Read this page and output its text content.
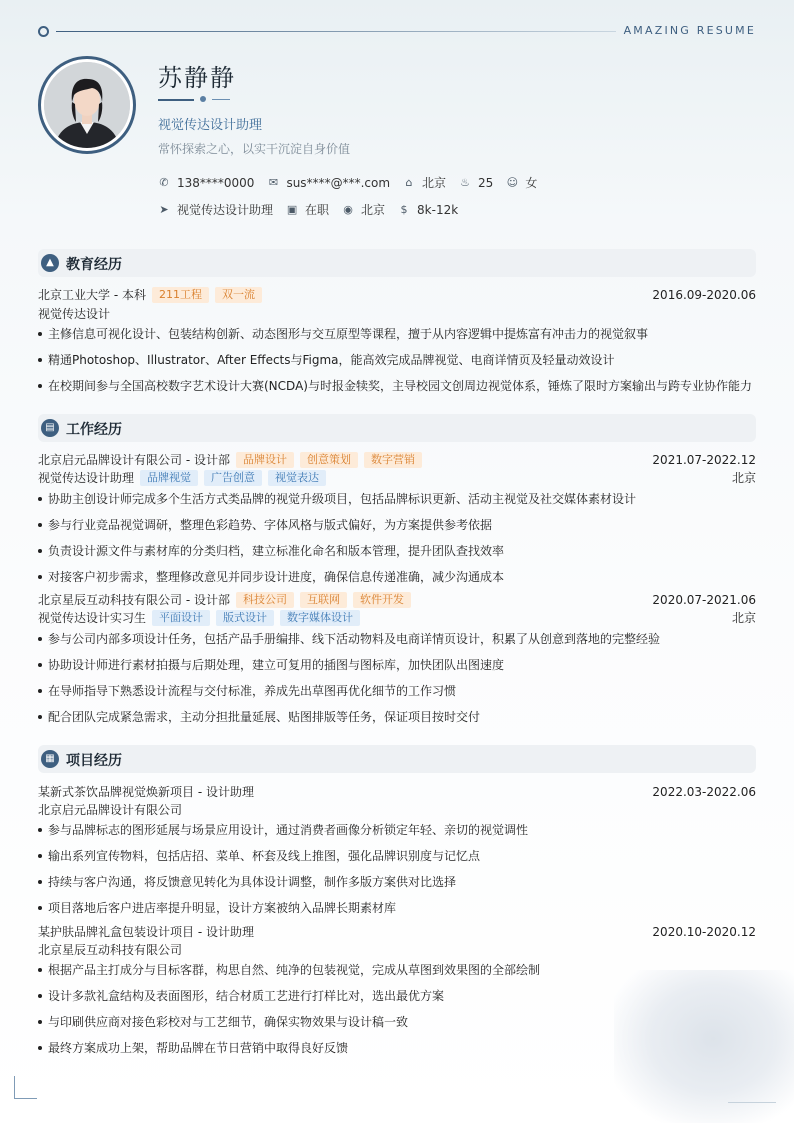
AMAZING RESUME
苏静静
视觉传达设计助理
常怀探索之心，以实干沉淀自身价值
✆ 138****0000 ✉ sus****@***.com ⌂ 北京 ♨ 25 ☺ 女
➤ 视觉传达设计助理 ▣ 在职 ◉ 北京 $ 8k-12k
▲ 教育经历
北京工业大学 - 本科	211工程	双一流	2016.09-2020.06
视觉传达设计
主修信息可视化设计、包装结构创新、动态图形与交互原型等课程，擅于从内容逻辑中提炼富有冲击力的视觉叙事
精通Photoshop、Illustrator、After Effects与Figma，能高效完成品牌视觉、电商详情页及轻量动效设计
在校期间参与全国高校数字艺术设计大赛(NCDA)与时报金犊奖，主导校园文创周边视觉体系，锤炼了限时方案输出与跨专业协作能力
▤ 工作经历
北京启元品牌设计有限公司 - 设计部	品牌设计	创意策划	数字营销	2021.07-2022.12
视觉传达设计助理	品牌视觉	广告创意	视觉表达	北京
协助主创设计师完成多个生活方式类品牌的视觉升级项目，包括品牌标识更新、活动主视觉及社交媒体素材设计
参与行业竞品视觉调研，整理色彩趋势、字体风格与版式偏好，为方案提供参考依据
负责设计源文件与素材库的分类归档，建立标准化命名和版本管理，提升团队查找效率
对接客户初步需求，整理修改意见并同步设计进度，确保信息传递准确，减少沟通成本
北京星辰互动科技有限公司 - 设计部	科技公司	互联网	软件开发	2020.07-2021.06
视觉传达设计实习生	平面设计	版式设计	数字媒体设计	北京
参与公司内部多项设计任务，包括产品手册编排、线下活动物料及电商详情页设计，积累了从创意到落地的完整经验
协助设计师进行素材拍摄与后期处理，建立可复用的插图与图标库，加快团队出图速度
在导师指导下熟悉设计流程与交付标准，养成先出草图再优化细节的工作习惯
配合团队完成紧急需求，主动分担批量延展、贴图排版等任务，保证项目按时交付
▦ 项目经历
某新式茶饮品牌视觉焕新项目 - 设计助理	2022.03-2022.06
北京启元品牌设计有限公司
参与品牌标志的图形延展与场景应用设计，通过消费者画像分析锁定年轻、亲切的视觉调性
输出系列宣传物料，包括店招、菜单、杯套及线上推图，强化品牌识别度与记忆点
持续与客户沟通，将反馈意见转化为具体设计调整，制作多版方案供对比选择
项目落地后客户进店率提升明显，设计方案被纳入品牌长期素材库
某护肤品牌礼盒包装设计项目 - 设计助理	2020.10-2020.12
北京星辰互动科技有限公司
根据产品主打成分与目标客群，构思自然、纯净的包装视觉，完成从草图到效果图的全部绘制
设计多款礼盒结构及表面图形，结合材质工艺进行打样比对，选出最优方案
与印刷供应商对接色彩校对与工艺细节，确保实物效果与设计稿一致
最终方案成功上架，帮助品牌在节日营销中取得良好反馈
